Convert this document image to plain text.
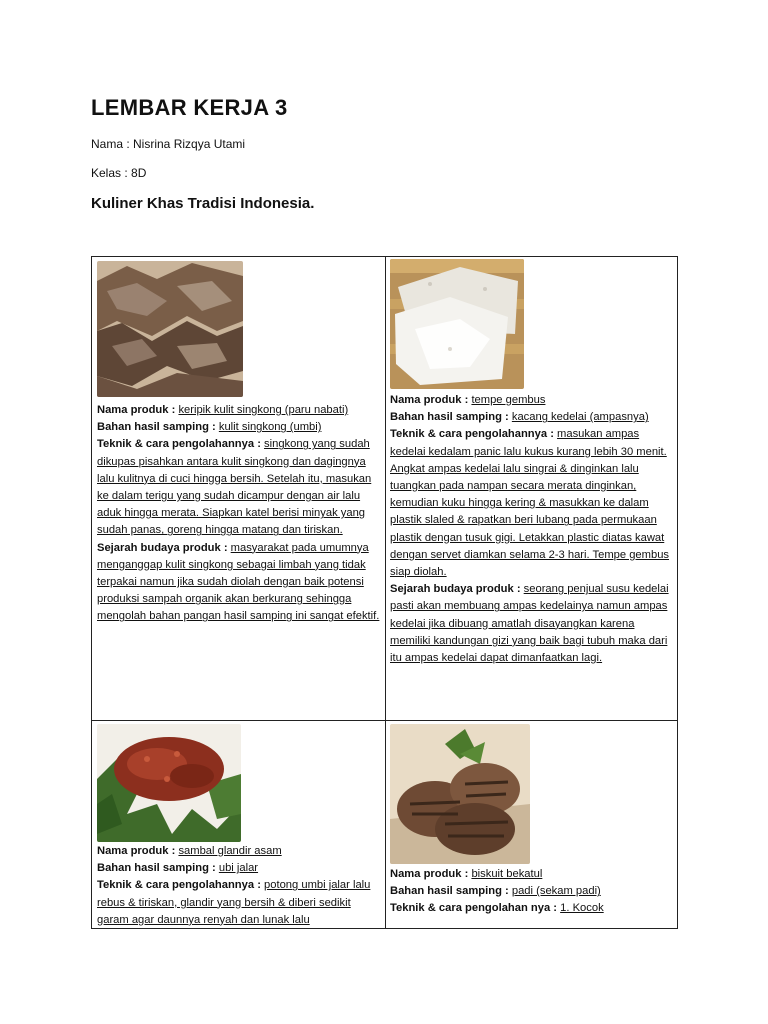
LEMBAR KERJA 3

Nama : Nisrina Rizqya Utami

Kelas : 8D

Kuliner Khas Tradisi Indonesia.

Nama produk : keripik kulit singkong (paru nabati)

Bahan hasil samping : kulit singkong (umbi)

Teknik & cara pengolahannya : singkong yang sudah dikupas pisahkan antara kulit singkong dan dagingnya lalu kulitnya di cuci hingga bersih. Setelah itu, masukan ke dalam terigu yang sudah dicampur dengan air lalu aduk hingga merata. Siapkan katel berisi minyak yang sudah panas, goreng hingga matang dan tiriskan.

Sejarah budaya produk : masyarakat pada umumnya menganggap kulit singkong sebagai limbah yang tidak terpakai namun jika sudah diolah dengan baik potensi produksi sampah organik akan berkurang sehingga mengolah bahan pangan hasil samping ini sangat efektif.

Nama produk : tempe gembus

Bahan hasil samping : kacang kedelai (ampasnya)

Teknik & cara pengolahannya : masukan ampas kedelai kedalam panic lalu kukus kurang lebih 30 menit. Angkat ampas kedelai lalu singrai & dinginkan lalu tuangkan pada nampan secara merata dinginkan, kemudian kuku hingga kering & masukkan ke dalam plastik slaled & rapatkan beri lubang pada permukaan plastik dengan tusuk gigi. Letakkan plastic diatas kawat dengan servet diamkan selama 2-3 hari. Tempe gembus siap diolah.

Sejarah budaya produk : seorang penjual susu kedelai pasti akan membuang ampas kedelainya namun ampas kedelai jika dibuang amatlah disayangkan karena memiliki kandungan gizi yang baik bagi tubuh maka dari itu ampas kedelai dapat dimanfaatkan lagi.

Nama produk : sambal glandir asam

Bahan hasil samping : ubi jalar

Teknik & cara pengolahannya : potong umbi jalar lalu rebus & tiriskan, glandir yang bersih & diberi sedikit garam agar daunnya renyah dan lunak lalu

Nama produk : biskuit bekatul

Bahan hasil samping : padi (sekam padi)

Teknik & cara pengolahan nya : 1. Kocok
